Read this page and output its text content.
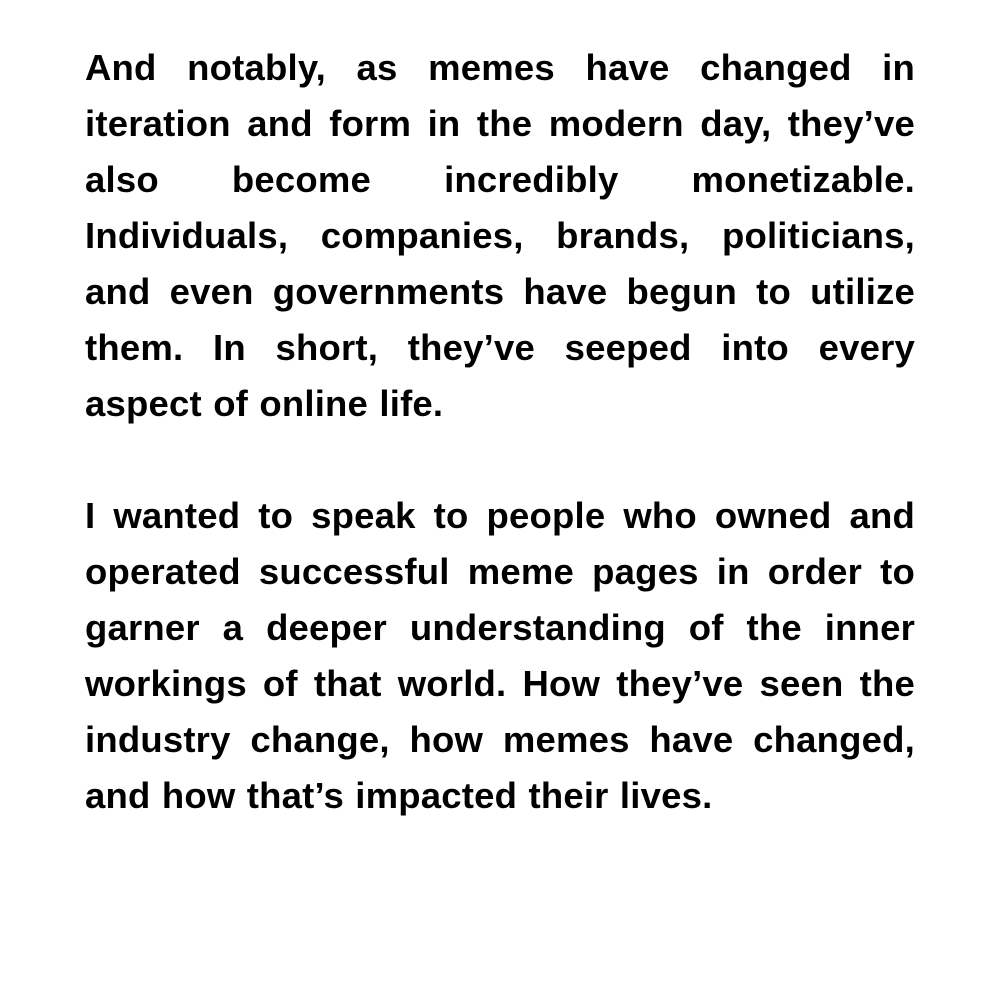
And notably, as memes have changed in iteration and form in the modern day, they’ve also become incredibly monetizable. Individuals, companies, brands, politicians, and even governments have begun to utilize them. In short, they’ve seeped into every aspect of online life.

I wanted to speak to people who owned and operated successful meme pages in order to garner a deeper understanding of the inner workings of that world. How they’ve seen the industry change, how memes have changed, and how that’s impacted their lives.
